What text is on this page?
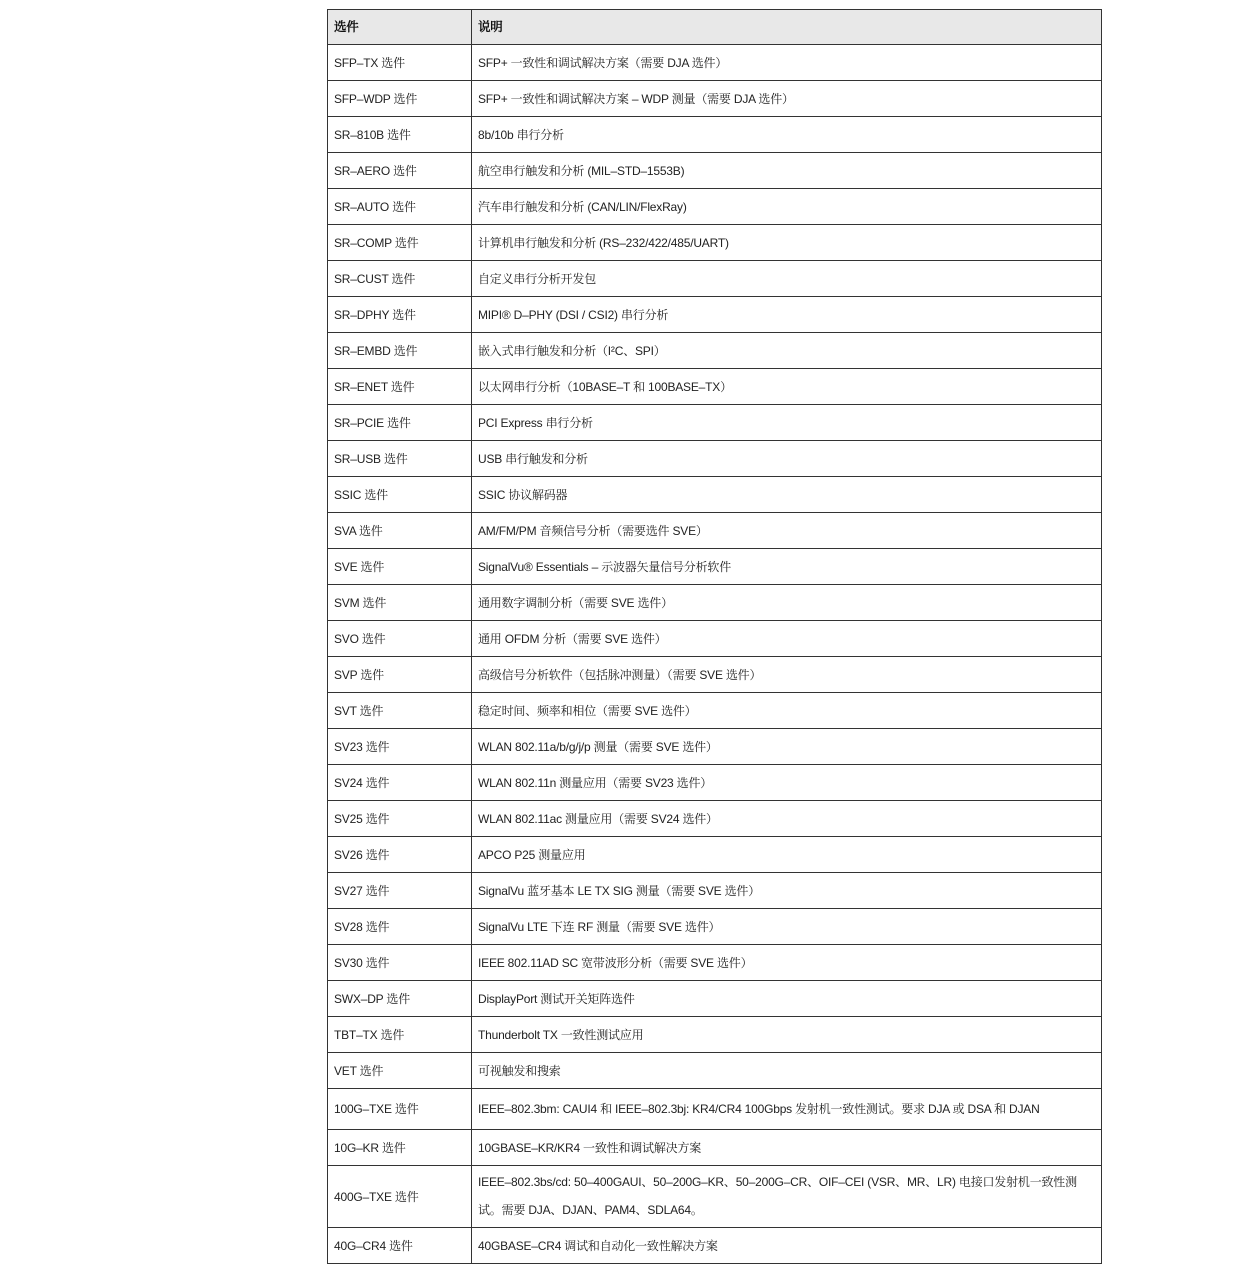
选件	说明
SFP–TX 选件	SFP+ 一致性和调试解决方案（需要 DJA 选件）
SFP–WDP 选件	SFP+ 一致性和调试解决方案 – WDP 测量（需要 DJA 选件）
SR–810B 选件	8b/10b 串行分析
SR–AERO 选件	航空串行触发和分析 (MIL–STD–1553B)
SR–AUTO 选件	汽车串行触发和分析 (CAN/LIN/FlexRay)
SR–COMP 选件	计算机串行触发和分析 (RS–232/422/485/UART)
SR–CUST 选件	自定义串行分析开发包
SR–DPHY 选件	MIPI® D–PHY (DSI / CSI2) 串行分析
SR–EMBD 选件	嵌入式串行触发和分析（I²C、SPI）
SR–ENET 选件	以太网串行分析（10BASE–T 和 100BASE–TX）
SR–PCIE 选件	PCI Express 串行分析
SR–USB 选件	USB 串行触发和分析
SSIC 选件	SSIC 协议解码器
SVA 选件	AM/FM/PM 音频信号分析（需要选件 SVE）
SVE 选件	SignalVu® Essentials – 示波器矢量信号分析软件
SVM 选件	通用数字调制分析（需要 SVE 选件）
SVO 选件	通用 OFDM 分析（需要 SVE 选件）
SVP 选件	高级信号分析软件（包括脉冲测量）（需要 SVE 选件）
SVT 选件	稳定时间、频率和相位（需要 SVE 选件）
SV23 选件	WLAN 802.11a/b/g/j/p 测量（需要 SVE 选件）
SV24 选件	WLAN 802.11n 测量应用（需要 SV23 选件）
SV25 选件	WLAN 802.11ac 测量应用（需要 SV24 选件）
SV26 选件	APCO P25 测量应用
SV27 选件	SignalVu 蓝牙基本 LE TX SIG 测量（需要 SVE 选件）
SV28 选件	SignalVu LTE 下连 RF 测量（需要 SVE 选件）
SV30 选件	IEEE 802.11AD SC 宽带波形分析（需要 SVE 选件）
SWX–DP 选件	DisplayPort 测试开关矩阵选件
TBT–TX 选件	Thunderbolt TX 一致性测试应用
VET 选件	可视触发和搜索
100G–TXE 选件	IEEE–802.3bm: CAUI4 和 IEEE–802.3bj: KR4/CR4 100Gbps 发射机一致性测试。要求 DJA 或 DSA 和 DJAN
10G–KR 选件	10GBASE–KR/KR4 一致性和调试解决方案
400G–TXE 选件	IEEE–802.3bs/cd: 50–400GAUI、50–200G–KR、50–200G–CR、OIF–CEI (VSR、MR、LR) 电接口发射机一致性测试。需要 DJA、DJAN、PAM4、SDLA64。
40G–CR4 选件	40GBASE–CR4 调试和自动化一致性解决方案
